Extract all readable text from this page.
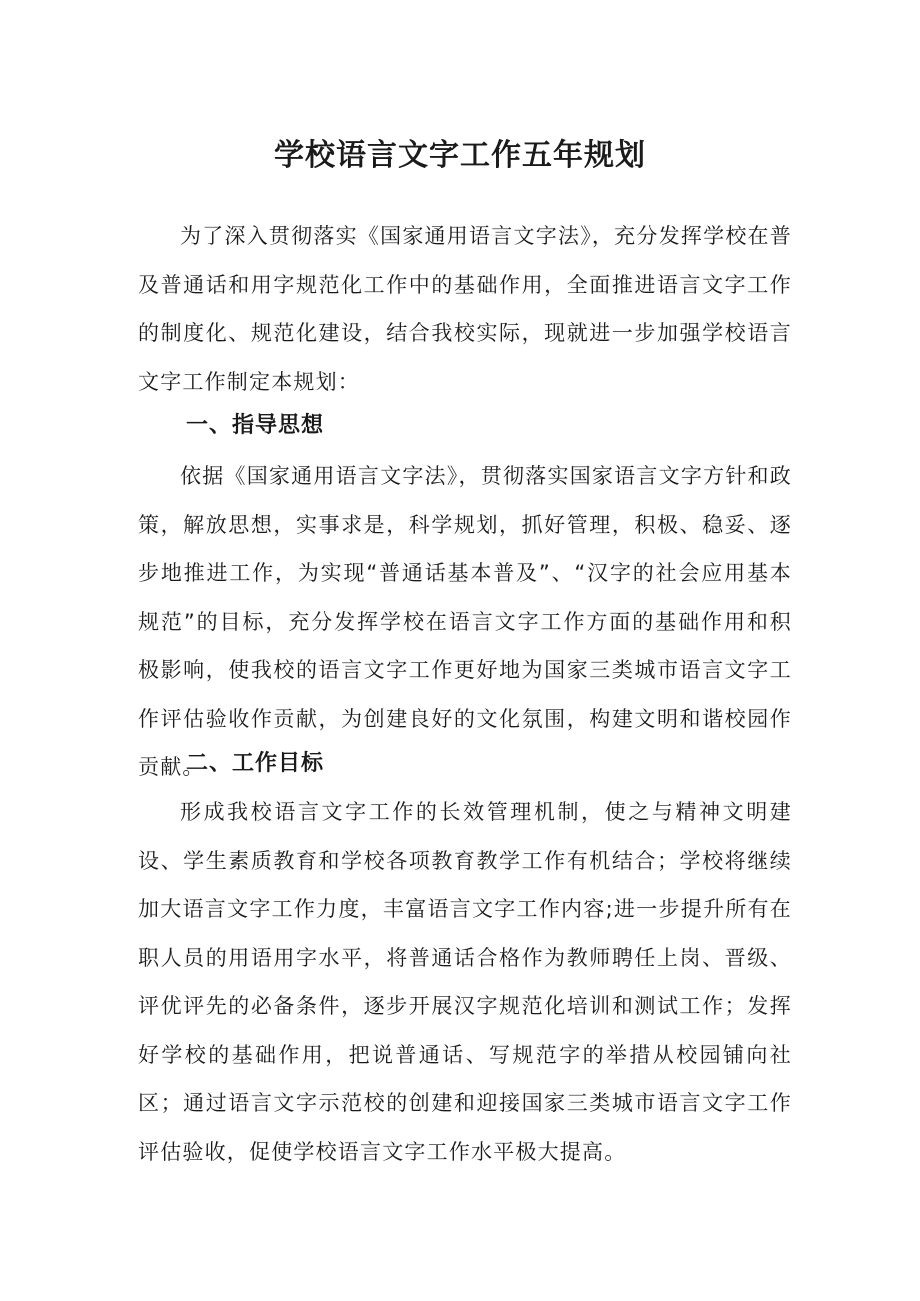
学校语言文字工作五年规划

为了深入贯彻落实《国家通用语言文字法》，充分发挥学校在普及普通话和用字规范化工作中的基础作用，全面推进语言文字工作的制度化、规范化建设，结合我校实际，现就进一步加强学校语言文字工作制定本规划：

一、指导思想

依据《国家通用语言文字法》，贯彻落实国家语言文字方针和政策，解放思想，实事求是，科学规划，抓好管理，积极、稳妥、逐步地推进工作，为实现“普通话基本普及”、“汉字的社会应用基本规范”的目标，充分发挥学校在语言文字工作方面的基础作用和积极影响，使我校的语言文字工作更好地为国家三类城市语言文字工作评估验收作贡献，为创建良好的文化氛围，构建文明和谐校园作贡献。

二、工作目标

形成我校语言文字工作的长效管理机制，使之与精神文明建设、学生素质教育和学校各项教育教学工作有机结合；学校将继续加大语言文字工作力度，丰富语言文字工作内容;进一步提升所有在职人员的用语用字水平，将普通话合格作为教师聘任上岗、晋级、评优评先的必备条件，逐步开展汉字规范化培训和测试工作；发挥好学校的基础作用，把说普通话、写规范字的举措从校园铺向社区；通过语言文字示范校的创建和迎接国家三类城市语言文字工作评估验收，促使学校语言文字工作水平极大提高。
